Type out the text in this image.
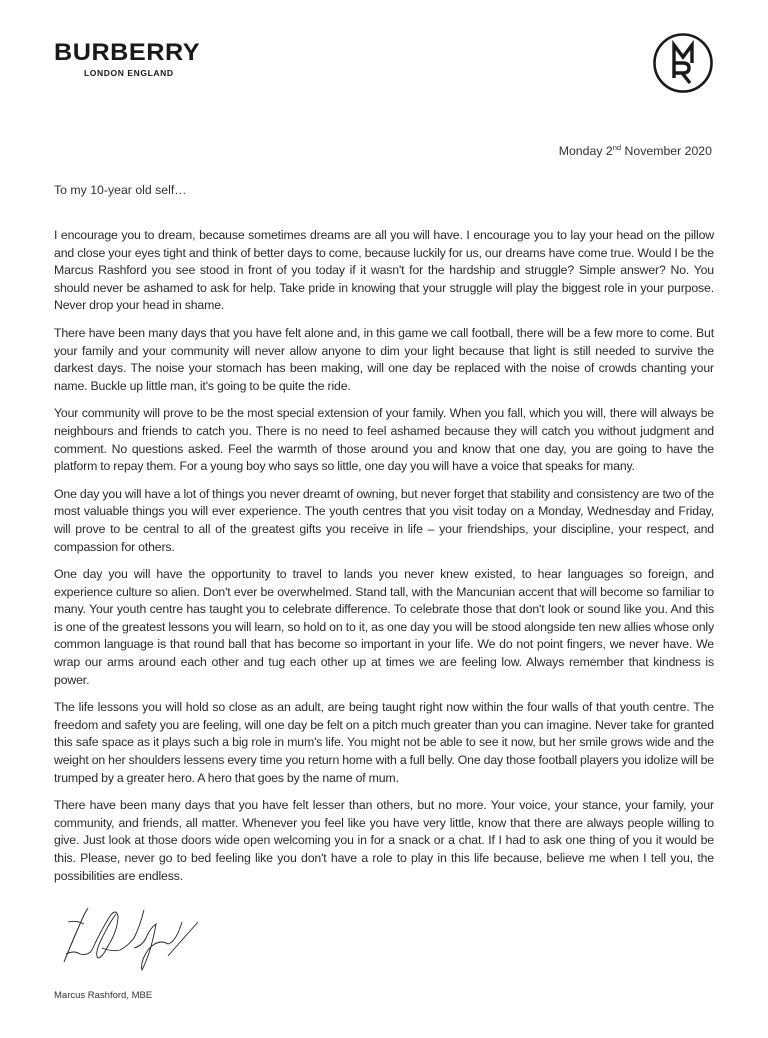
BURBERRY
LONDON ENGLAND
Monday 2nd November 2020
To my 10-year old self…

I encourage you to dream, because sometimes dreams are all you will have. I encourage you to lay your head on the pillow and close your eyes tight and think of better days to come, because luckily for us, our dreams have come true. Would I be the Marcus Rashford you see stood in front of you today if it wasn't for the hardship and struggle? Simple answer? No. You should never be ashamed to ask for help. Take pride in knowing that your struggle will play the biggest role in your purpose. Never drop your head in shame.

There have been many days that you have felt alone and, in this game we call football, there will be a few more to come. But your family and your community will never allow anyone to dim your light because that light is still needed to survive the darkest days. The noise your stomach has been making, will one day be replaced with the noise of crowds chanting your name. Buckle up little man, it's going to be quite the ride.

Your community will prove to be the most special extension of your family. When you fall, which you will, there will always be neighbours and friends to catch you. There is no need to feel ashamed because they will catch you without judgment and comment. No questions asked. Feel the warmth of those around you and know that one day, you are going to have the platform to repay them. For a young boy who says so little, one day you will have a voice that speaks for many.

One day you will have a lot of things you never dreamt of owning, but never forget that stability and consistency are two of the most valuable things you will ever experience. The youth centres that you visit today on a Monday, Wednesday and Friday, will prove to be central to all of the greatest gifts you receive in life – your friendships, your discipline, your respect, and compassion for others.

One day you will have the opportunity to travel to lands you never knew existed, to hear languages so foreign, and experience culture so alien. Don't ever be overwhelmed. Stand tall, with the Mancunian accent that will become so familiar to many. Your youth centre has taught you to celebrate difference. To celebrate those that don't look or sound like you. And this is one of the greatest lessons you will learn, so hold on to it, as one day you will be stood alongside ten new allies whose only common language is that round ball that has become so important in your life. We do not point fingers, we never have. We wrap our arms around each other and tug each other up at times we are feeling low. Always remember that kindness is power.

The life lessons you will hold so close as an adult, are being taught right now within the four walls of that youth centre. The freedom and safety you are feeling, will one day be felt on a pitch much greater than you can imagine. Never take for granted this safe space as it plays such a big role in mum's life. You might not be able to see it now, but her smile grows wide and the weight on her shoulders lessens every time you return home with a full belly. One day those football players you idolize will be trumped by a greater hero. A hero that goes by the name of mum.

There have been many days that you have felt lesser than others, but no more. Your voice, your stance, your family, your community, and friends, all matter. Whenever you feel like you have very little, know that there are always people willing to give. Just look at those doors wide open welcoming you in for a snack or a chat. If I had to ask one thing of you it would be this. Please, never go to bed feeling like you don't have a role to play in this life because, believe me when I tell you, the possibilities are endless.

Marcus Rashford, MBE
